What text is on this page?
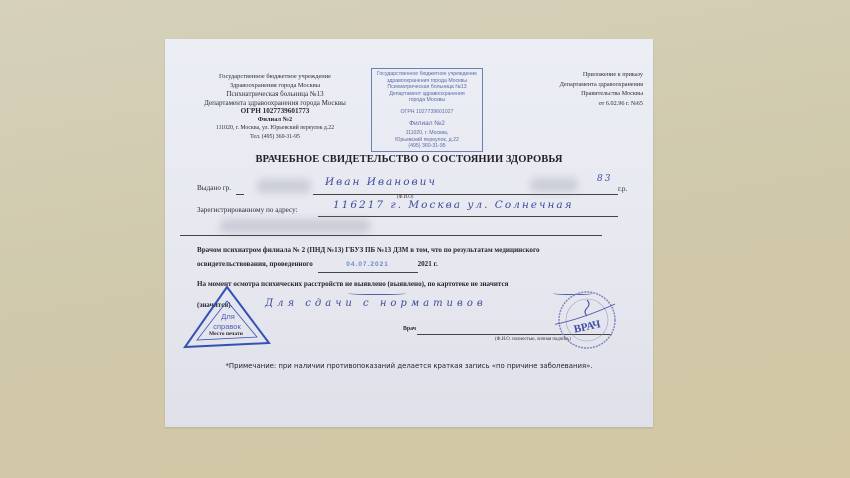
Государственное бюджетное учреждение
Здравоохранения города Москвы
Психиатрическая больница №13
Департамента здравоохранения города Москвы
ОГРН 1027739601773
Филиал №2
111020, г. Москва, ул. Юрьевский переулок д.22
Тел. (495) 360-31-95
Государственное бюджетное учреждение
здравоохранения города Москвы
Психиатрическая больница №13
Департамент здравоохранения
города Москвы
ОГРН 1027739601027
Филиал №2
111020, г. Москва,
Юрьевский переулок, д.22
(495) 360-31-95
Приложение к приказу
Департамента здравоохранения
Правительства Москвы
от 6.02.96 г. №65
ВРАЧЕБНОЕ СВИДЕТЕЛЬСТВО О СОСТОЯНИИ ЗДОРОВЬЯ
Выдано гр.	Иван Иванович	83
г.р.
Зарегистрированному по адресу:
(Ф.И.О)
116217 г. Москва ул. Солнечная
Врачом психиатром филиала № 2 (ПНД №13) ГБУЗ ПБ №13 ДЗМ в том, что по результатам медицинского
освидетельствования, проведенного	04.07.2021	2021 г.
На момент осмотра психических расстройств не выявлено (выявлено), по картотеке не значится
(значится).	Для сдачи с нормативов
Место печати
Врач
(Ф.И.О. полностью, личная подпись)
Для
справок	ВРАЧ
*Примечание: при наличии противопоказаний делается краткая запись «по причине заболевания».
